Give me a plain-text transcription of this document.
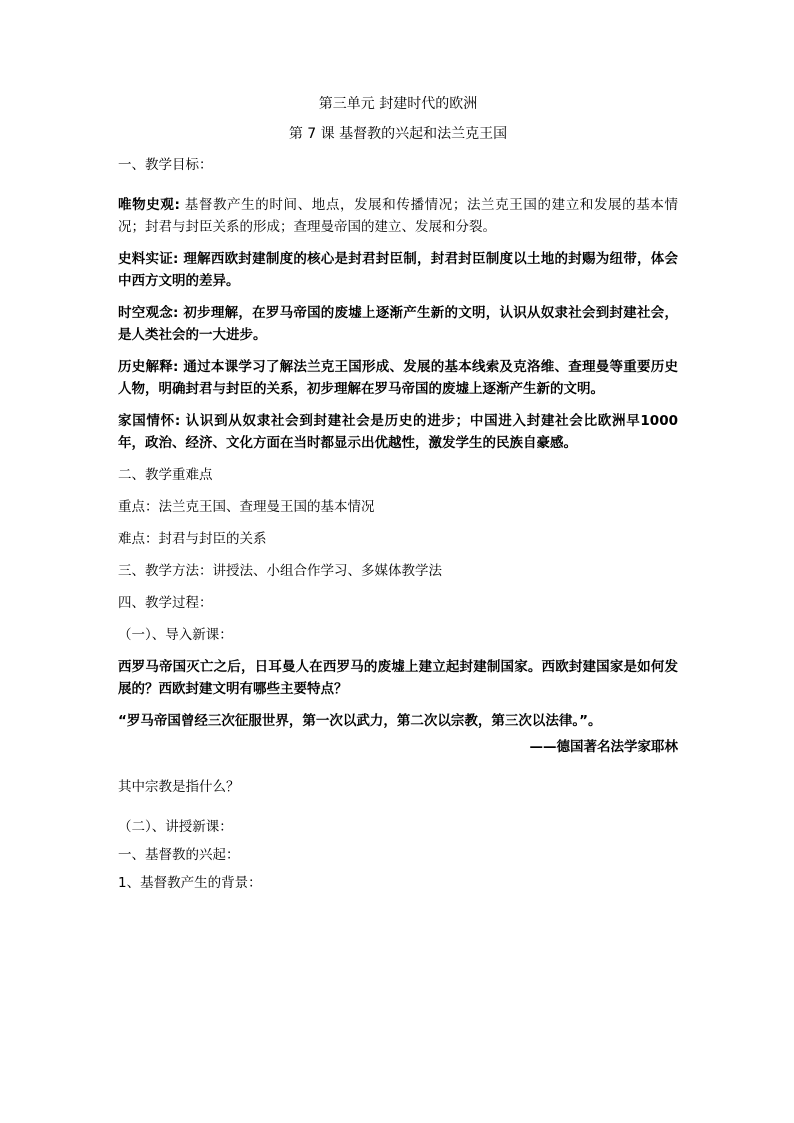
第三单元 封建时代的欧洲

第 7 课 基督教的兴起和法兰克王国

一、教学目标：

唯物史观: 基督教产生的时间、地点，发展和传播情况；法兰克王国的建立和发展的基本情况；封君与封臣关系的形成；查理曼帝国的建立、发展和分裂。

史料实证: 理解西欧封建制度的核心是封君封臣制，封君封臣制度以土地的封赐为纽带，体会中西方文明的差异。

时空观念: 初步理解，在罗马帝国的废墟上逐渐产生新的文明，认识从奴隶社会到封建社会，是人类社会的一大进步。

历史解释: 通过本课学习了解法兰克王国形成、发展的基本线索及克洛维、查理曼等重要历史人物，明确封君与封臣的关系，初步理解在罗马帝国的废墟上逐渐产生新的文明。

家国情怀: 认识到从奴隶社会到封建社会是历史的进步；中国进入封建社会比欧洲早1000 年，政治、经济、文化方面在当时都显示出优越性，激发学生的民族自豪感。

二、教学重难点

重点：法兰克王国、查理曼王国的基本情况

难点：封君与封臣的关系

三、教学方法：讲授法、小组合作学习、多媒体教学法

四、教学过程：

（一）、导入新课：

西罗马帝国灭亡之后，日耳曼人在西罗马的废墟上建立起封建制国家。西欧封建国家是如何发展的？西欧封建文明有哪些主要特点？

“罗马帝国曾经三次征服世界，第一次以武力，第二次以宗教，第三次以法律。”。

——德国著名法学家耶林

其中宗教是指什么？

（二）、讲授新课：

一、基督教的兴起：

1、基督教产生的背景：
